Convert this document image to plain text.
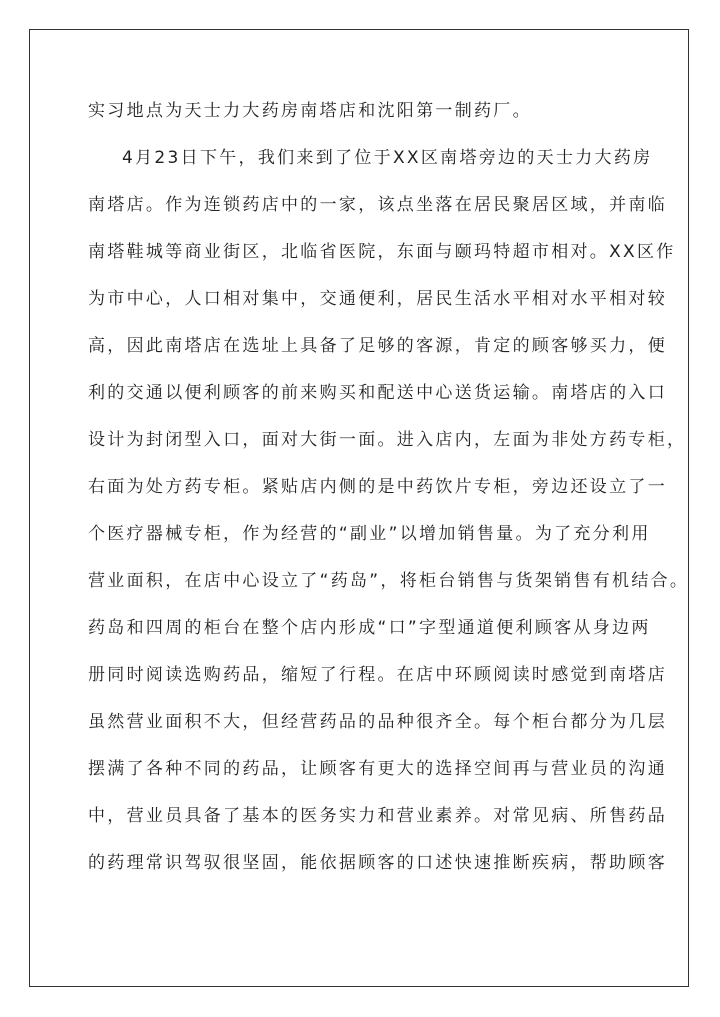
实习地点为天士力大药房南塔店和沈阳第一制药厂。
4月23日下午，我们来到了位于XX区南塔旁边的天士力大药房
南塔店。作为连锁药店中的一家，该点坐落在居民聚居区域，并南临
南塔鞋城等商业街区，北临省医院，东面与颐玛特超市相对。XX区作
为市中心，人口相对集中，交通便利，居民生活水平相对水平相对较
高，因此南塔店在选址上具备了足够的客源，肯定的顾客够买力，便
利的交通以便利顾客的前来购买和配送中心送货运输。南塔店的入口
设计为封闭型入口，面对大街一面。进入店内，左面为非处方药专柜，
右面为处方药专柜。紧贴店内侧的是中药饮片专柜，旁边还设立了一
个医疗器械专柜，作为经营的“副业”以增加销售量。为了充分利用
营业面积，在店中心设立了“药岛”，将柜台销售与货架销售有机结合。
药岛和四周的柜台在整个店内形成“口”字型通道便利顾客从身边两
册同时阅读选购药品，缩短了行程。在店中环顾阅读时感觉到南塔店
虽然营业面积不大，但经营药品的品种很齐全。每个柜台都分为几层
摆满了各种不同的药品，让顾客有更大的选择空间再与营业员的沟通
中，营业员具备了基本的医务实力和营业素养。对常见病、所售药品
的药理常识驾驭很坚固，能依据顾客的口述快速推断疾病，帮助顾客
